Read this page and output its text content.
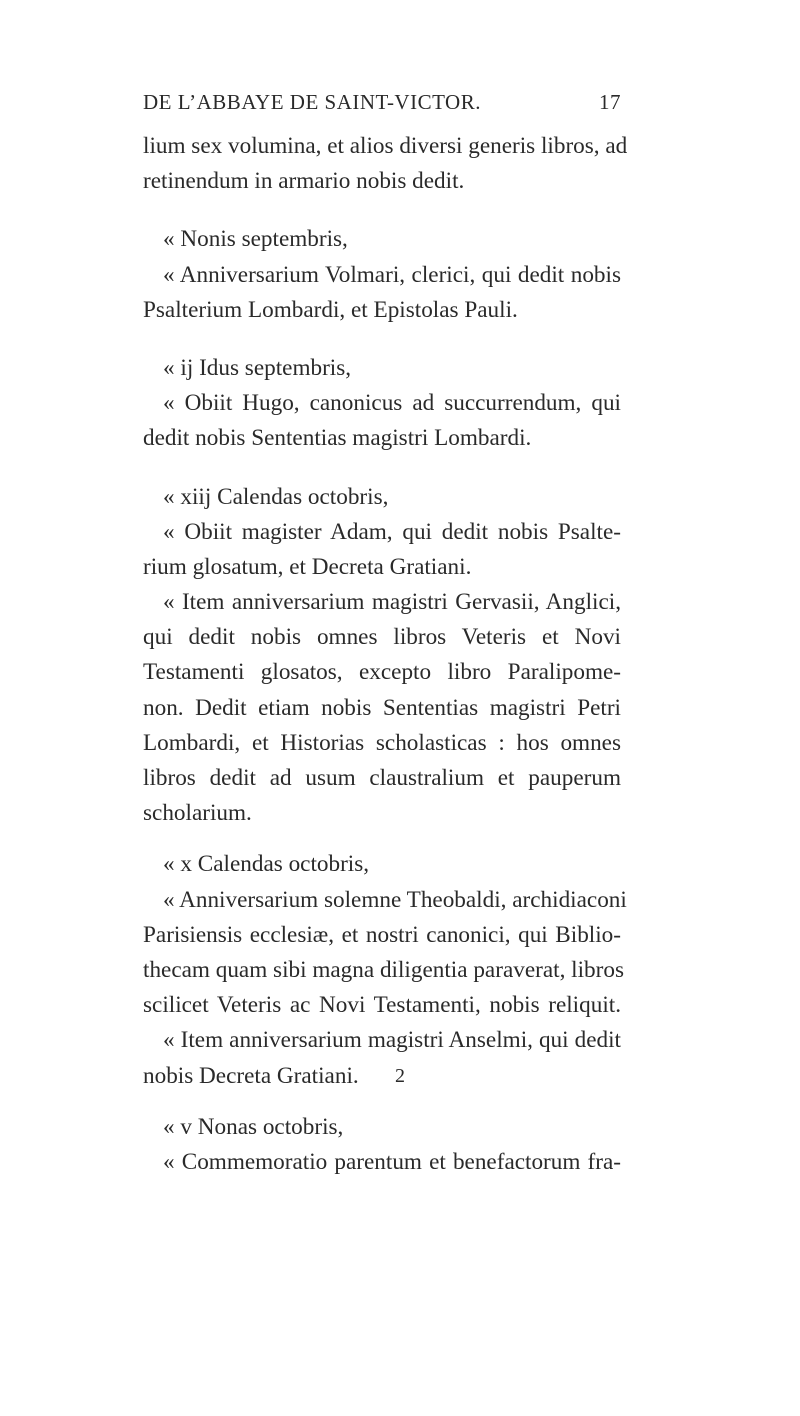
DE L’ABBAYE DE SAINT-VICTOR.	17
lium sex volumina, et alios diversi generis libros, ad
retinendum in armario nobis dedit.
« Nonis septembris,
« Anniversarium Volmari, clerici, qui dedit nobis
Psalterium Lombardi, et Epistolas Pauli.
« ij Idus septembris,
« Obiit Hugo, canonicus ad succurrendum, qui
dedit nobis Sententias magistri Lombardi.
« xiij Calendas octobris,
« Obiit magister Adam, qui dedit nobis Psalte-
rium glosatum, et Decreta Gratiani.
« Item anniversarium magistri Gervasii, Anglici,
qui dedit nobis omnes libros Veteris et Novi
Testamenti glosatos, excepto libro Paralipome-
non. Dedit etiam nobis Sententias magistri Petri
Lombardi, et Historias scholasticas : hos omnes
libros dedit ad usum claustralium et pauperum
scholarium.
« x Calendas octobris,
« Anniversarium solemne Theobaldi, archidiaconi
Parisiensis ecclesiæ, et nostri canonici, qui Biblio-
thecam quam sibi magna diligentia paraverat, libros
scilicet Veteris ac Novi Testamenti, nobis reliquit.
« Item anniversarium magistri Anselmi, qui dedit
nobis Decreta Gratiani.
« v Nonas octobris,
« Commemoratio parentum et benefactorum fra-
2
